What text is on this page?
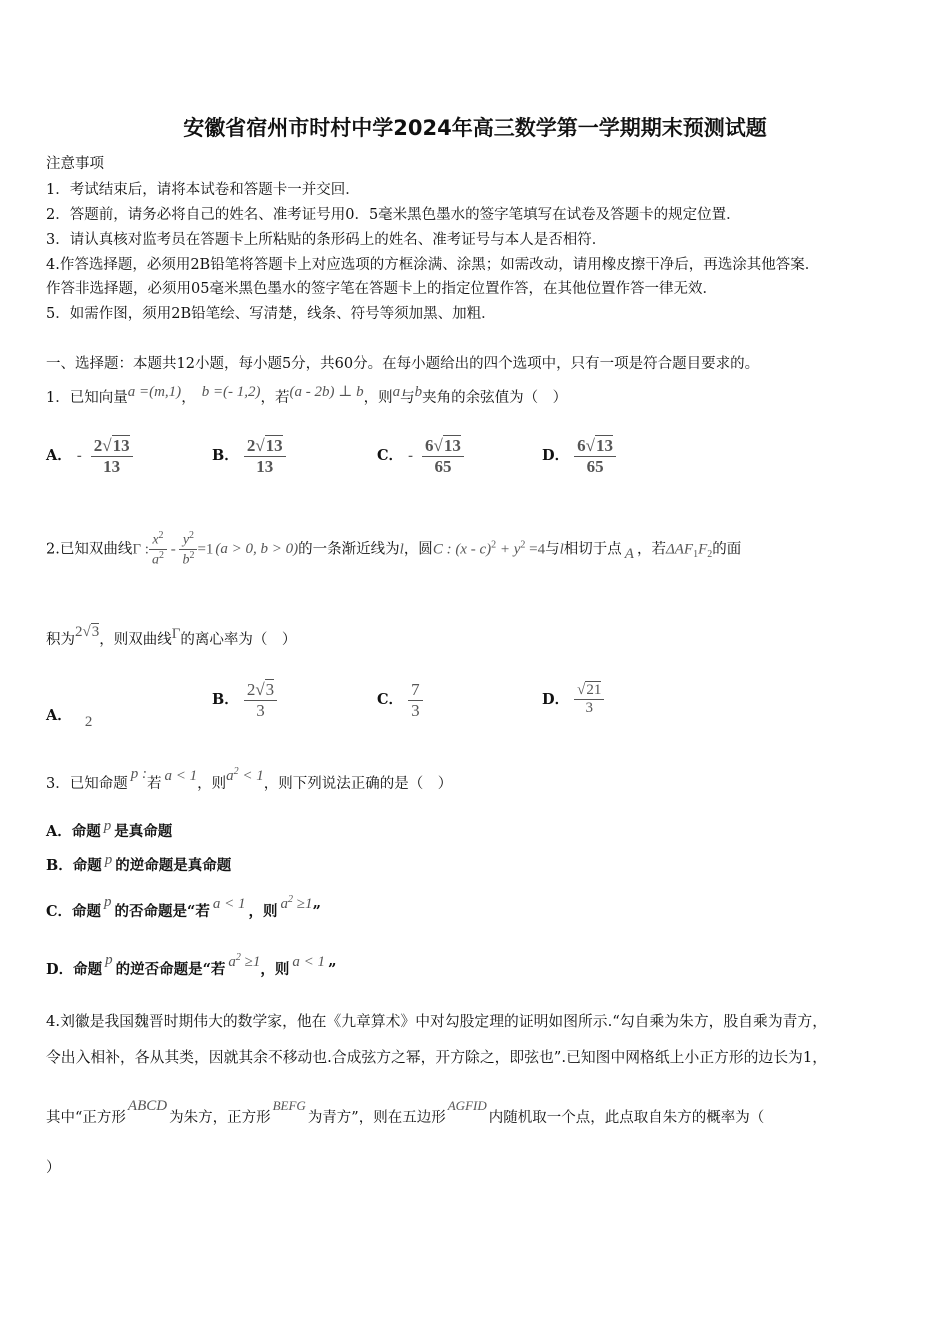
安徽省宿州市时村中学2024年高三数学第一学期期末预测试题
注意事项
1．考试结束后，请将本试卷和答题卡一并交回．
2．答题前，请务必将自己的姓名、准考证号用0．5毫米黑色墨水的签字笔填写在试卷及答题卡的规定位置．
3．请认真核对监考员在答题卡上所粘贴的条形码上的姓名、准考证号与本人是否相符．
4.作答选择题，必须用2B铅笔将答题卡上对应选项的方框涂满、涂黑；如需改动，请用橡皮擦干净后，再选涂其他答案．
作答非选择题，必须用05毫米黑色墨水的签字笔在答题卡上的指定位置作答，在其他位置作答一律无效．
5．如需作图，须用2B铅笔绘、写清楚，线条、符号等须加黑、加粗．
一、选择题：本题共12小题，每小题5分，共60分。在每小题给出的四个选项中，只有一项是符合题目要求的。
1．已知向量a =(m,1)， b =(- 1,2)，若(a - 2b) ⊥ b，则a与b夹角的余弦值为（　）
A． - $\frac{2√13}{13}$	B． $\frac{2√13}{13}$	C． - $\frac{6√13}{65}$	D． $\frac{6√13}{65}$
2.已知双曲线Γ : $\frac{x^2}{a^2} - \frac{y^2}{b^2} =1$ (a > 0, b > 0)的一条渐近线为l，圆C : $(x - c)^2 + y^2 =4$与l相切于点 A ，若$\Delta AF_1F_2$的面
积为2√3，则双曲线Γ的离心率为（　）
A． 2
B． $\frac{2√3}{3}$	C． $\frac{7}{3}$	D． $\frac{√21}{3}$
3．已知命题p :若 a < 1，则$a^2 < 1$，则下列说法正确的是（　）
A．命题 p 是真命题
B．命题 p 的逆命题是真命题
C．命题p的否命题是“若 a < 1 ，则 $a^2 \ge 1$”
D．命题p的逆否命题是“若 $a^2 \ge 1$，则 a < 1 ”
4.刘徽是我国魏晋时期伟大的数学家，他在《九章算术》中对勾股定理的证明如图所示.“勾自乘为朱方，股自乘为青方，
令出入相补，各从其类，因就其余不移动也.合成弦方之幂，开方除之，即弦也”.已知图中网格纸上小正方形的边长为1，
其中“正方形ABCD为朱方，正方形BEFG为青方”，则在五边形AGFID内随机取一个点，此点取自朱方的概率为（
）
